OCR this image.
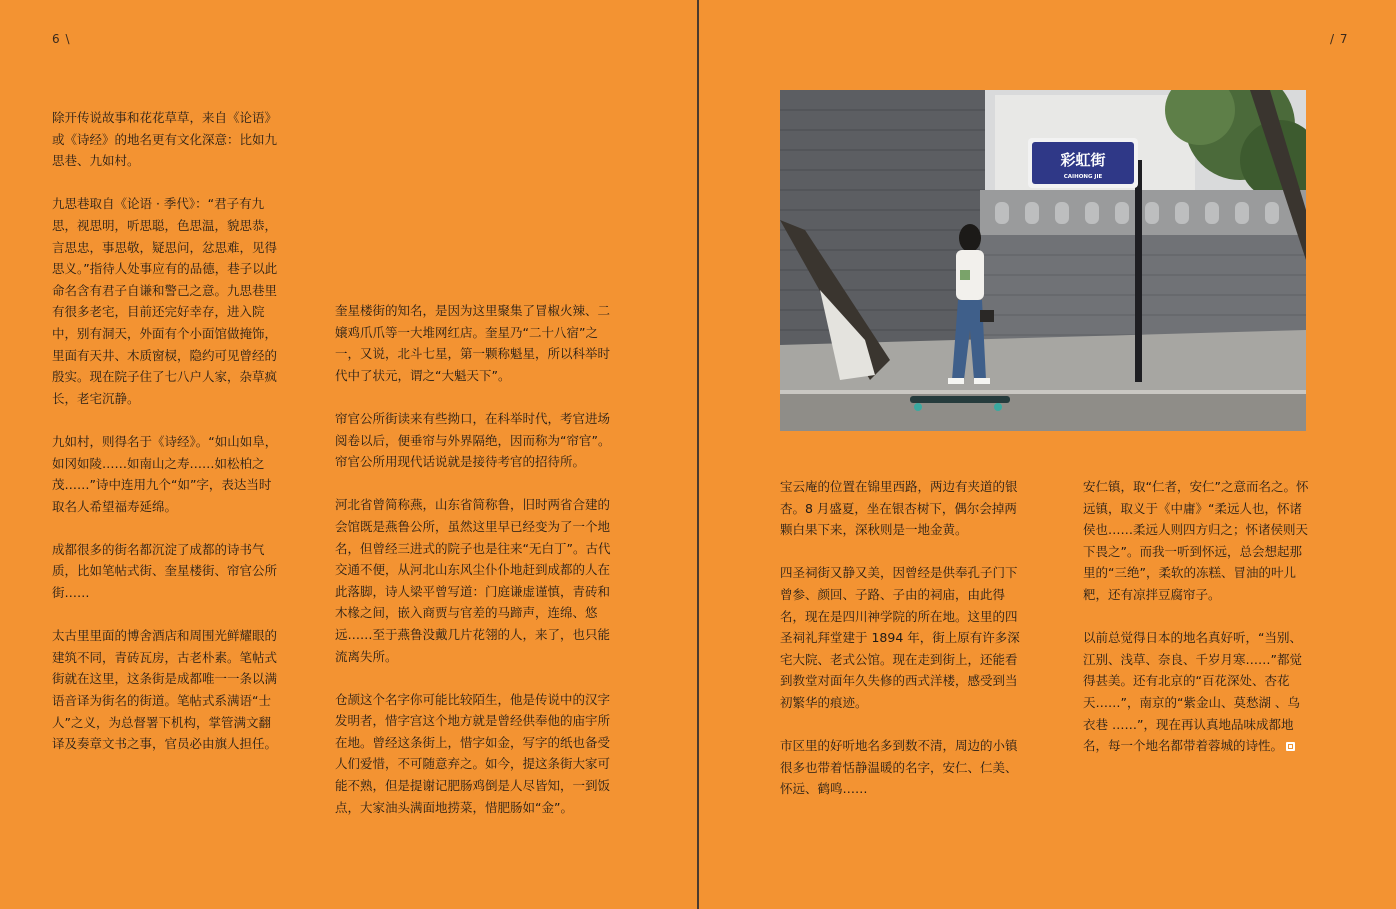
6 \	/ 7

除开传说故事和花花草草，来自《论语》或《诗经》的地名更有文化深意：比如九思巷、九如村。

九思巷取自《论语 · 季代》：“君子有九思，视思明，听思聪，色思温，貌思恭，言思忠，事思敬，疑思问，忿思难，见得思义。”指待人处事应有的品德，巷子以此命名含有君子自谦和警己之意。九思巷里有很多老宅，目前还完好幸存，进入院中，别有洞天，外面有个小面馆做掩饰，里面有天井、木质窗棂，隐约可见曾经的殷实。现在院子住了七八户人家，杂草疯长，老宅沉静。

九如村，则得名于《诗经》。“如山如阜，如冈如陵……如南山之寿……如松柏之茂……”诗中连用九个“如”字，表达当时取名人希望福寿延绵。

成都很多的街名都沉淀了成都的诗书气质，比如笔帖式街、奎星楼街、帘官公所街……

太古里里面的博舍酒店和周围光鲜耀眼的建筑不同，青砖瓦房，古老朴素。笔帖式街就在这里，这条街是成都唯一一条以满语音译为街名的街道。笔帖式系满语“士人”之义，为总督署下机构，掌管满文翻译及奏章文书之事，官员必由旗人担任。

奎星楼街的知名，是因为这里聚集了冒椒火辣、二嬢鸡爪爪等一大堆网红店。奎星乃“二十八宿”之一，又说，北斗七星，第一颗称魁星，所以科举时代中了状元，谓之“大魁天下”。

帘官公所街读来有些拗口，在科举时代，考官进场阅卷以后，便垂帘与外界隔绝，因而称为“帘官”。帘官公所用现代话说就是接待考官的招待所。

河北省曾简称燕，山东省简称鲁，旧时两省合建的会馆既是燕鲁公所，虽然这里早已经变为了一个地名，但曾经三进式的院子也是往来“无白丁”。古代交通不便，从河北山东风尘仆仆地赶到成都的人在此落脚，诗人梁平曾写道：门庭谦虚谨慎，青砖和木椽之间，嵌入商贾与官差的马蹄声，连绵、悠远……至于燕鲁没戴几片花翎的人，来了，也只能流离失所。

仓颉这个名字你可能比较陌生，他是传说中的汉字发明者，惜字宫这个地方就是曾经供奉他的庙宇所在地。曾经这条街上，惜字如金，写字的纸也备受人们爱惜，不可随意弃之。如今，提这条街大家可能不熟，但是提谢记肥肠鸡倒是人尽皆知，一到饭点，大家油头满面地捞菜，惜肥肠如“金”。

彩虹街
CAIHONG JIE

宝云庵的位置在锦里西路，两边有夹道的银杏。8 月盛夏，坐在银杏树下，偶尔会掉两颗白果下来，深秋则是一地金黄。

四圣祠街又静又美，因曾经是供奉孔子门下曾参、颜回、子路、子由的祠庙，由此得名，现在是四川神学院的所在地。这里的四圣祠礼拜堂建于 1894 年，街上原有许多深宅大院、老式公馆。现在走到街上，还能看到教堂对面年久失修的西式洋楼，感受到当初繁华的痕迹。

市区里的好听地名多到数不清，周边的小镇很多也带着恬静温暖的名字，安仁、仁美、怀远、鹤鸣……

安仁镇，取“仁者，安仁”之意而名之。怀远镇，取义于《中庸》“柔远人也，怀诸侯也……柔远人则四方归之；怀诸侯则天下畏之”。而我一听到怀远，总会想起那里的“三绝”，柔软的冻糕、冒油的叶儿粑，还有凉拌豆腐帘子。

以前总觉得日本的地名真好听，“当别、江别、浅草、奈良、千岁月寒……”都觉得甚美。还有北京的“百花深处、杏花天……”，南京的“紫金山、莫愁湖 、乌衣巷 ……”，现在再认真地品味成都地名，每一个地名都带着蓉城的诗性。
